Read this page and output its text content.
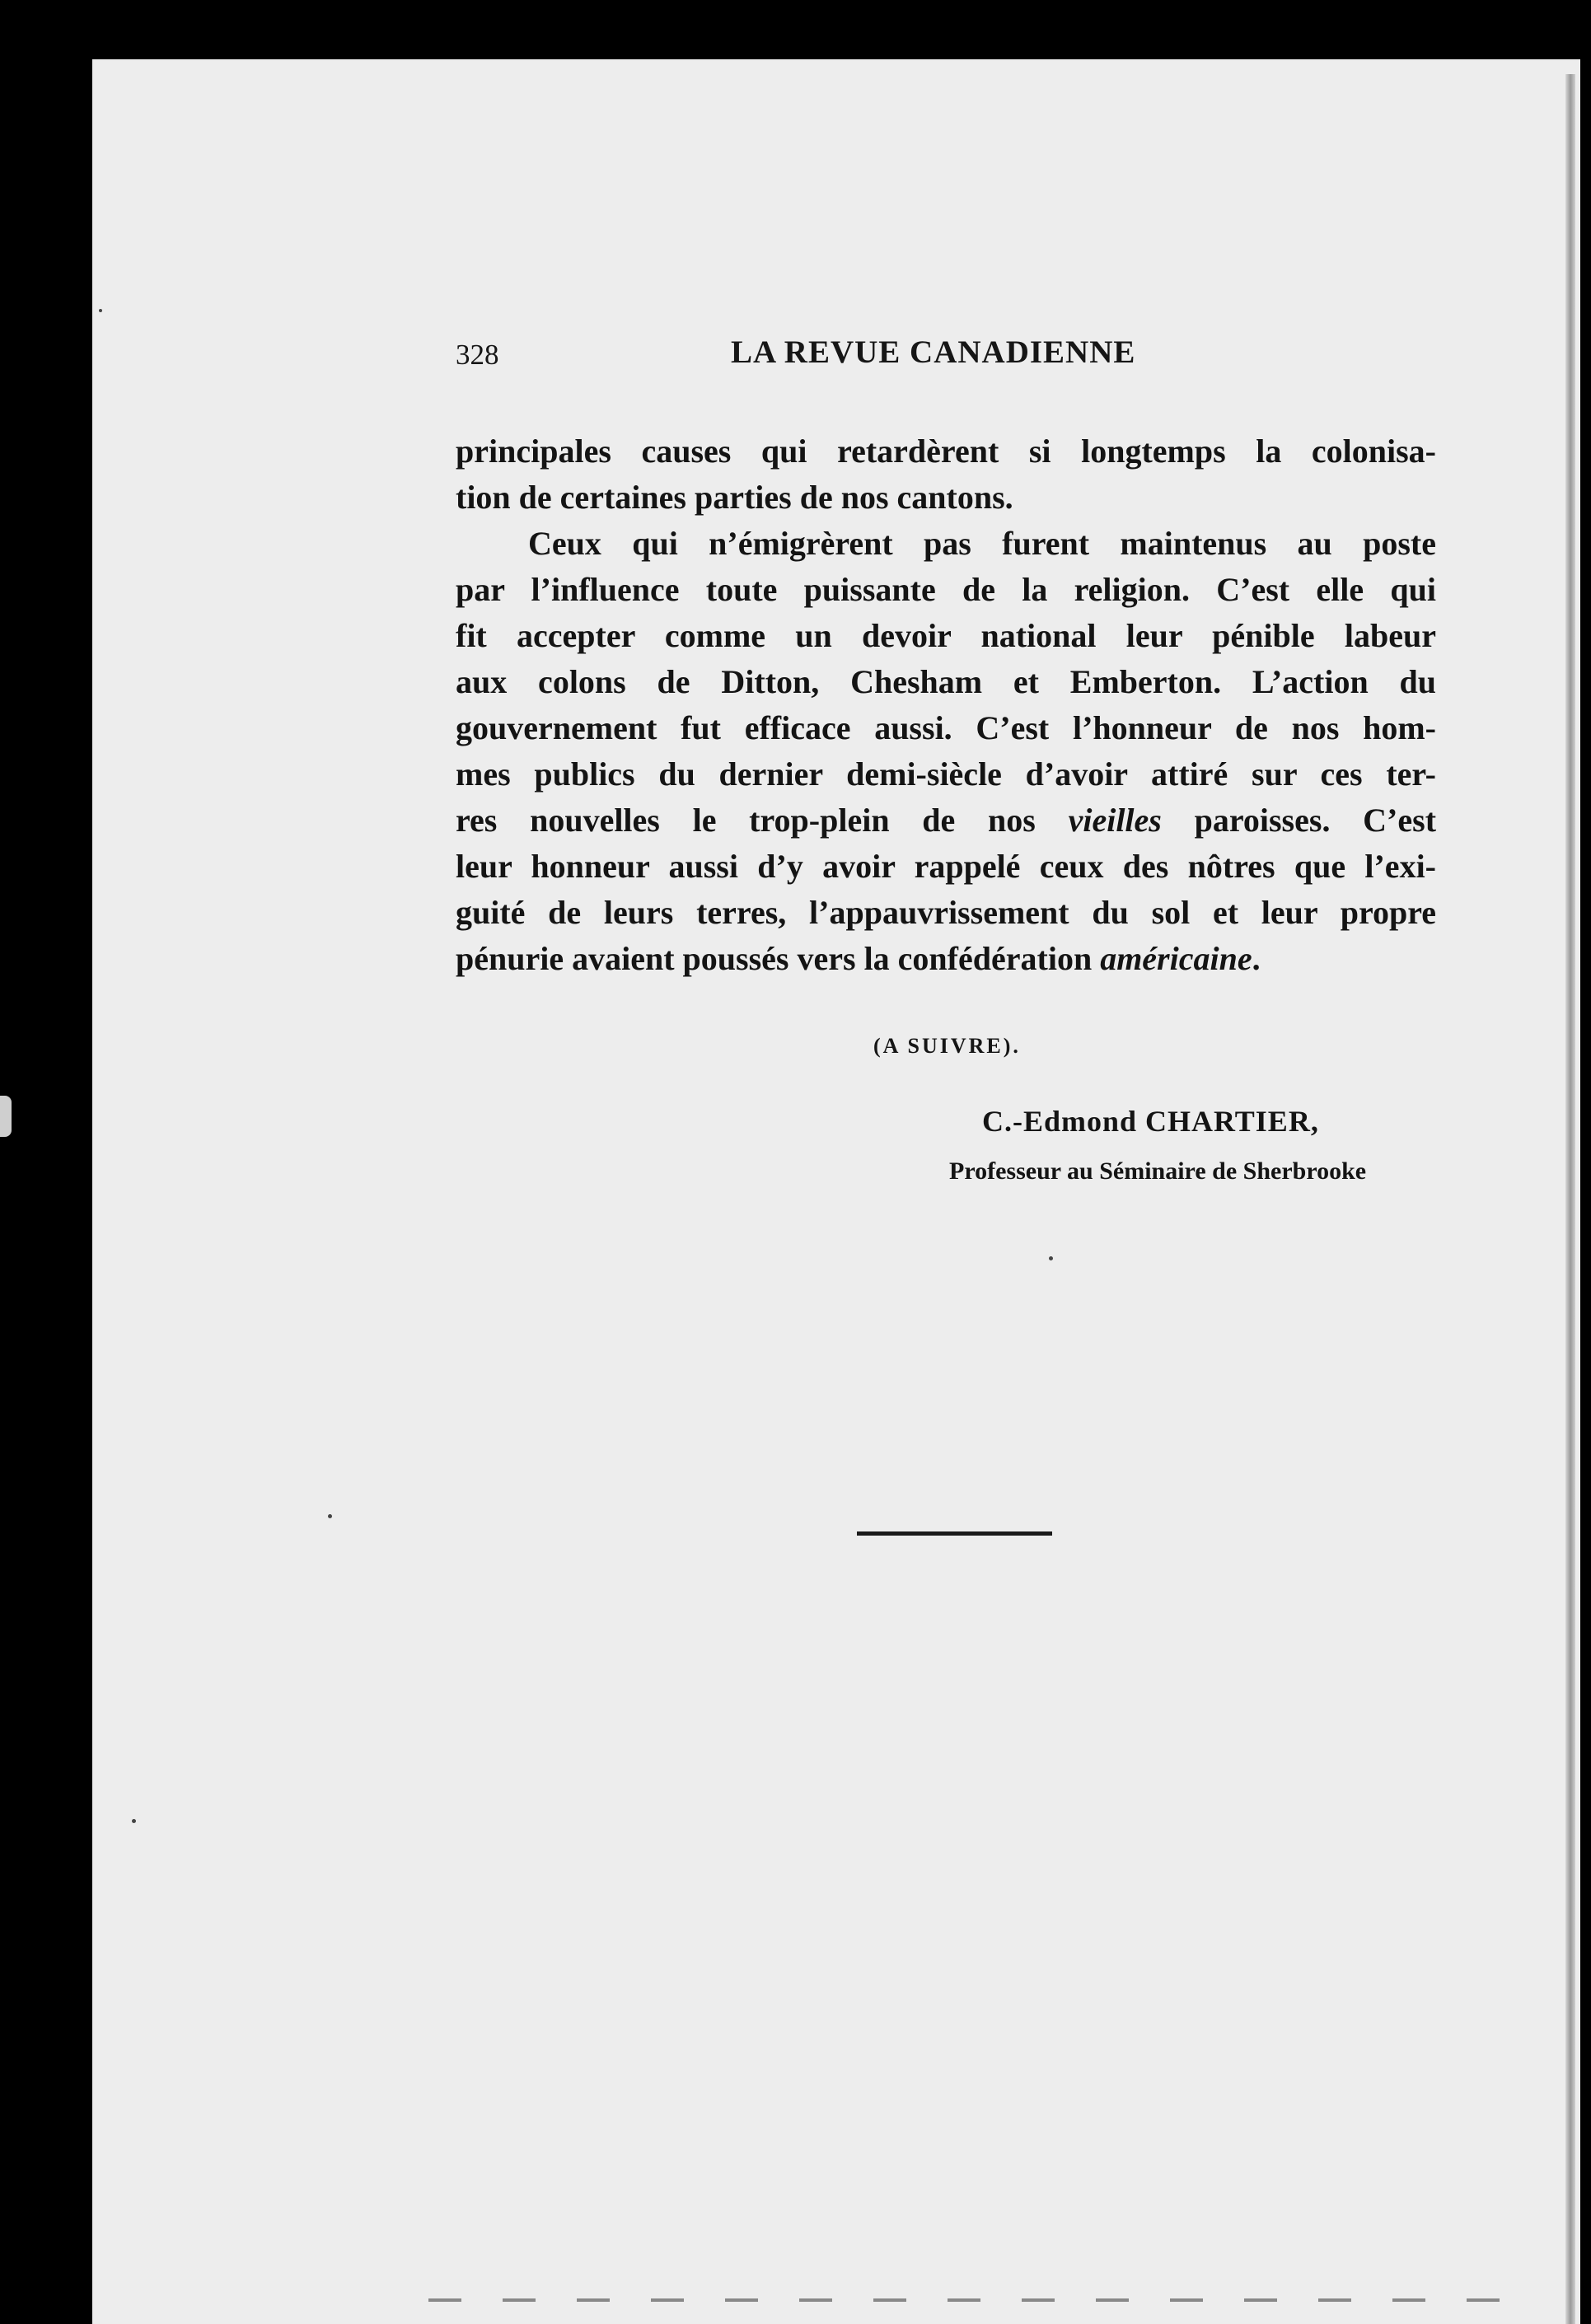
328	LA REVUE CANADIENNE

principales causes qui retardèrent si longtemps la colonisa-
tion de certaines parties de nos cantons.

Ceux qui n’émigrèrent pas furent maintenus au poste
par l’influence toute puissante de la religion. C’est elle qui
fit accepter comme un devoir national leur pénible labeur
aux colons de Ditton, Chesham et Emberton. L’action du
gouvernement fut efficace aussi. C’est l’honneur de nos hom-
mes publics du dernier demi-siècle d’avoir attiré sur ces ter-
res nouvelles le trop-plein de nos vieilles paroisses. C’est
leur honneur aussi d’y avoir rappelé ceux des nôtres que l’exi-
guité de leurs terres, l’appauvrissement du sol et leur propre
pénurie avaient poussés vers la confédération américaine.

(A SUIVRE).
C.-Edmond CHARTIER,
Professeur au Séminaire de Sherbrooke
